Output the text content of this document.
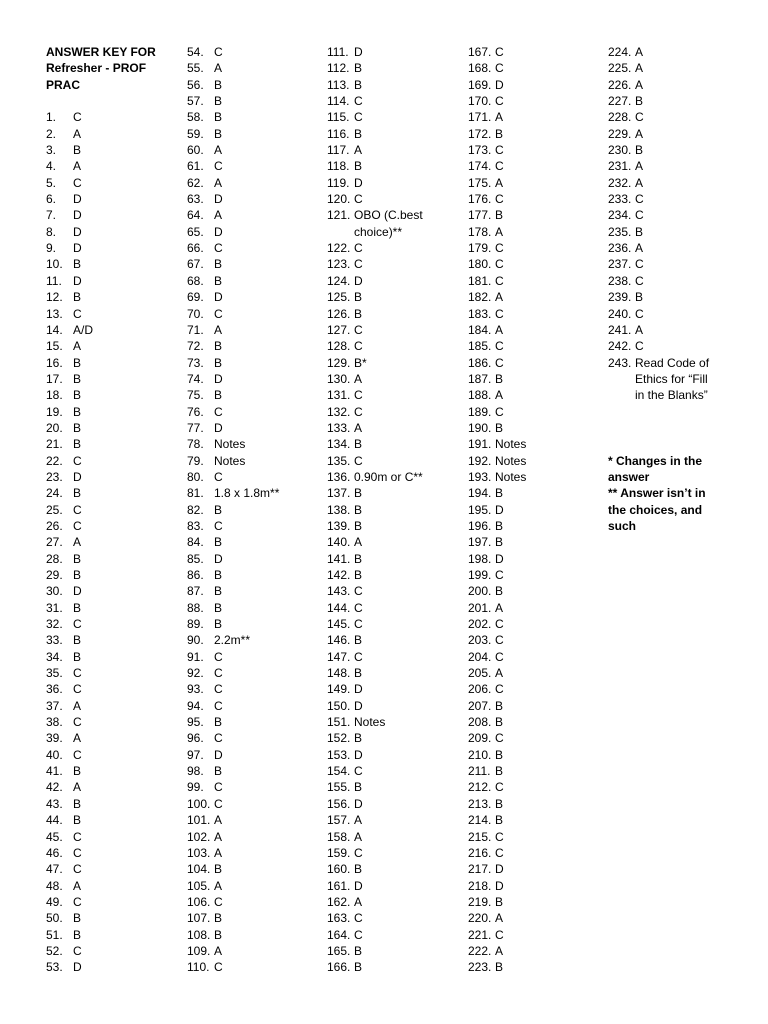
ANSWER KEY FOR
Refresher - PROF
PRAC
1. C
2. A
3. B
4. A
5. C
6. D
7. D
8. D
9. D
10. B
11. D
12. B
13. C
14. A/D
15. A
16. B
17. B
18. B
19. B
20. B
21. B
22. C
23. D
24. B
25. C
26. C
27. A
28. B
29. B
30. D
31. B
32. C
33. B
34. B
35. C
36. C
37. A
38. C
39. A
40. C
41. B
42. A
43. B
44. B
45. C
46. C
47. C
48. A
49. C
50. B
51. B
52. C
53. D
54. C
55. A
56. B
57. B
58. B
59. B
60. A
61. C
62. A
63. D
64. A
65. D
66. C
67. B
68. B
69. D
70. C
71. A
72. B
73. B
74. D
75. B
76. C
77. D
78. Notes
79. Notes
80. C
81. 1.8 x 1.8m**
82. B
83. C
84. B
85. D
86. B
87. B
88. B
89. B
90. 2.2m**
91. C
92. C
93. C
94. C
95. B
96. C
97. D
98. B
99. C
100. C
101. A
102. A
103. A
104. B
105. A
106. C
107. B
108. B
109. A
110. C
111. D
112. B
113. B
114. C
115. C
116. B
117. A
118. B
119. D
120. C
121. OBO (C.best
choice)**
122. C
123. C
124. D
125. B
126. B
127. C
128. C
129. B*
130. A
131. C
132. C
133. A
134. B
135. C
136. 0.90m or C**
137. B
138. B
139. B
140. A
141. B
142. B
143. C
144. C
145. C
146. B
147. C
148. B
149. D
150. D
151. Notes
152. B
153. D
154. C
155. B
156. D
157. A
158. A
159. C
160. B
161. D
162. A
163. C
164. C
165. B
166. B
167. C
168. C
169. D
170. C
171. A
172. B
173. C
174. C
175. A
176. C
177. B
178. A
179. C
180. C
181. C
182. A
183. C
184. A
185. C
186. C
187. B
188. A
189. C
190. B
191. Notes
192. Notes
193. Notes
194. B
195. D
196. B
197. B
198. D
199. C
200. B
201. A
202. C
203. C
204. C
205. A
206. C
207. B
208. B
209. C
210. B
211. B
212. C
213. B
214. B
215. C
216. C
217. D
218. D
219. B
220. A
221. C
222. A
223. B
224. A
225. A
226. A
227. B
228. C
229. A
230. B
231. A
232. A
233. C
234. C
235. B
236. A
237. C
238. C
239. B
240. C
241. A
242. C
243. Read Code of
Ethics for “Fill
in the Blanks”
* Changes in the
answer
** Answer isn’t in
the choices, and
such
